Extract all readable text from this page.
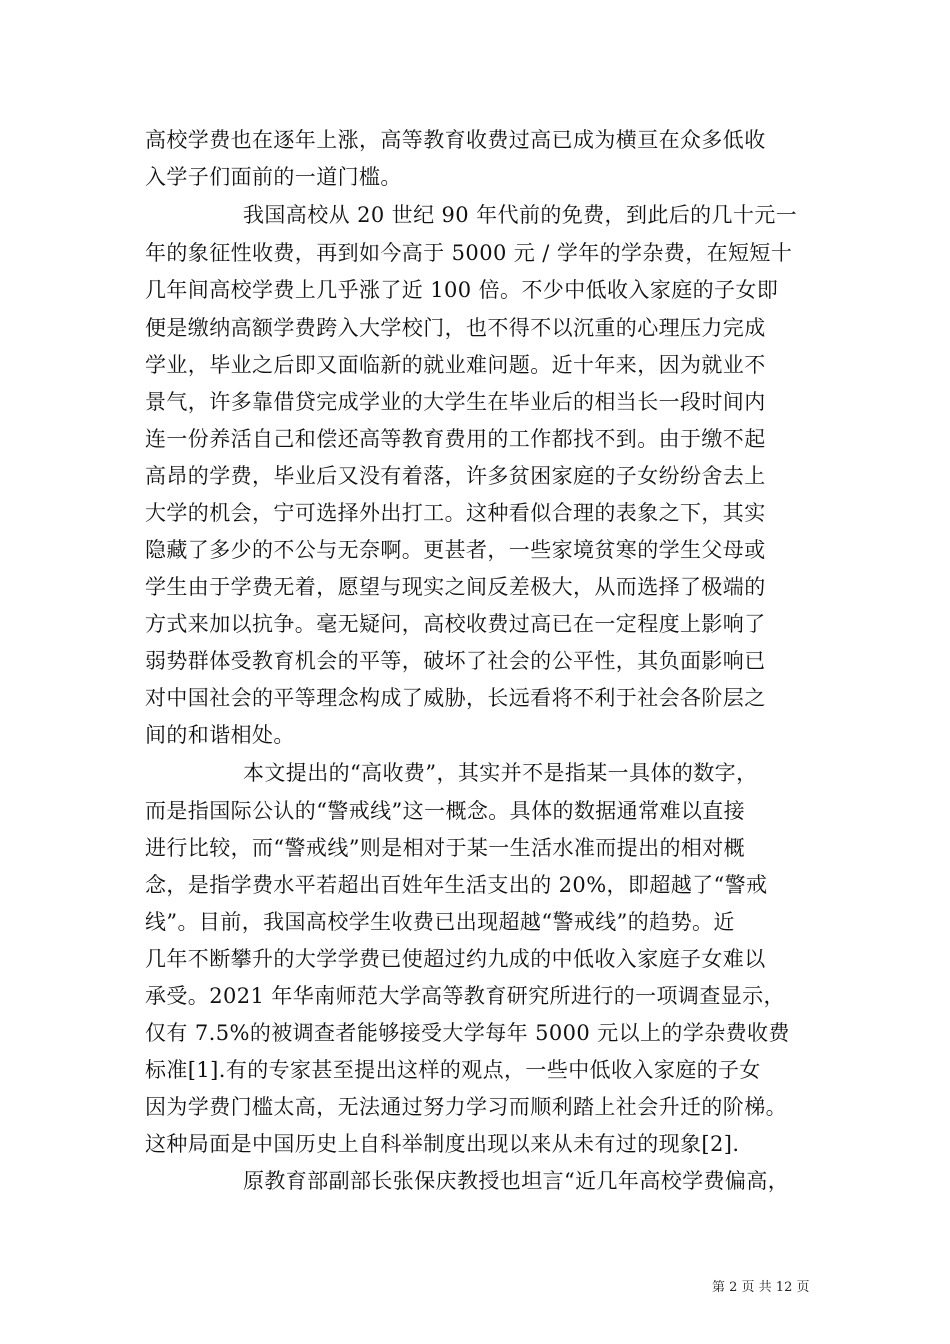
高校学费也在逐年上涨，高等教育收费过高已成为横亘在众多低收
入学子们面前的一道门槛。
我国高校从 20 世纪 90 年代前的免费，到此后的几十元一
年的象征性收费，再到如今高于 5000 元 / 学年的学杂费，在短短十
几年间高校学费上几乎涨了近 100 倍。不少中低收入家庭的子女即
便是缴纳高额学费跨入大学校门，也不得不以沉重的心理压力完成
学业，毕业之后即又面临新的就业难问题。近十年来，因为就业不
景气，许多靠借贷完成学业的大学生在毕业后的相当长一段时间内
连一份养活自己和偿还高等教育费用的工作都找不到。由于缴不起
高昂的学费，毕业后又没有着落，许多贫困家庭的子女纷纷舍去上
大学的机会，宁可选择外出打工。这种看似合理的表象之下，其实
隐藏了多少的不公与无奈啊。更甚者，一些家境贫寒的学生父母或
学生由于学费无着，愿望与现实之间反差极大，从而选择了极端的
方式来加以抗争。毫无疑问，高校收费过高已在一定程度上影响了
弱势群体受教育机会的平等，破坏了社会的公平性，其负面影响已
对中国社会的平等理念构成了威胁，长远看将不利于社会各阶层之
间的和谐相处。
本文提出的“高收费”，其实并不是指某一具体的数字，
而是指国际公认的“警戒线”这一概念。具体的数据通常难以直接
进行比较，而“警戒线”则是相对于某一生活水准而提出的相对概
念，是指学费水平若超出百姓年生活支出的 20%，即超越了“警戒
线”。目前，我国高校学生收费已出现超越“警戒线”的趋势。近
几年不断攀升的大学学费已使超过约九成的中低收入家庭子女难以
承受。2021 年华南师范大学高等教育研究所进行的一项调查显示，
仅有 7.5%的被调查者能够接受大学每年 5000 元以上的学杂费收费
标准[1].有的专家甚至提出这样的观点，一些中低收入家庭的子女
因为学费门槛太高，无法通过努力学习而顺利踏上社会升迁的阶梯。
这种局面是中国历史上自科举制度出现以来从未有过的现象[2].
原教育部副部长张保庆教授也坦言“近几年高校学费偏高，
第 2 页 共 12 页
